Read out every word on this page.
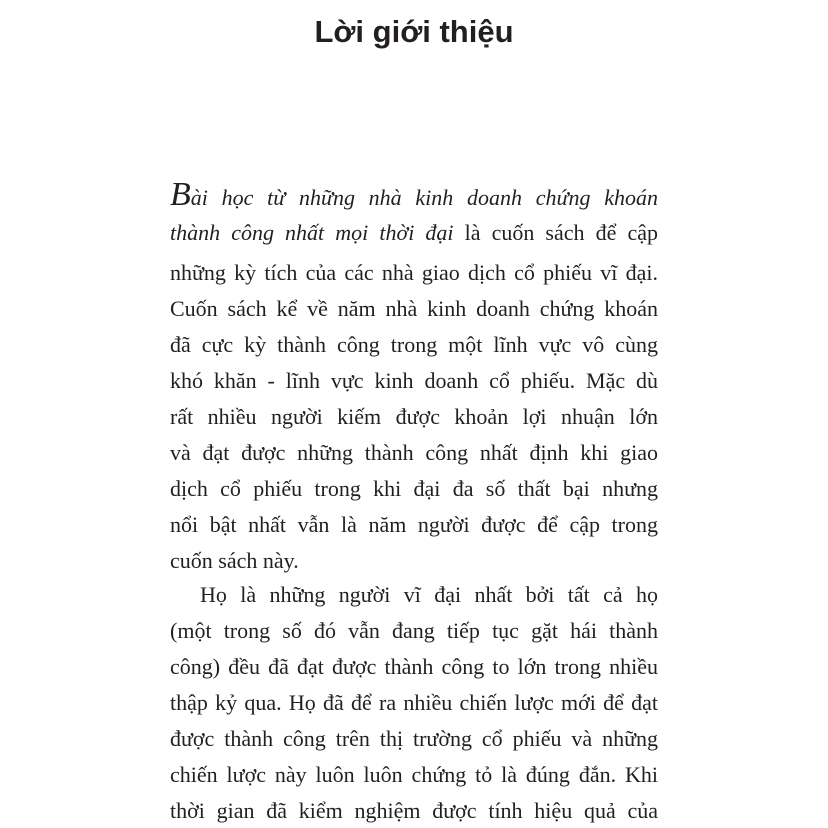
Lời giới thiệu
Bài học từ những nhà kinh doanh chứng khoán
thành công nhất mọi thời đại là cuốn sách để cập
những kỳ tích của các nhà giao dịch cổ phiếu vĩ đại.
Cuốn sách kể về năm nhà kinh doanh chứng khoán
đã cực kỳ thành công trong một lĩnh vực vô cùng
khó khăn - lĩnh vực kinh doanh cổ phiếu. Mặc dù
rất nhiều người kiếm được khoản lợi nhuận lớn
và đạt được những thành công nhất định khi giao
dịch cổ phiếu trong khi đại đa số thất bại nhưng
nổi bật nhất vẫn là năm người được để cập trong
cuốn sách này.
Họ là những người vĩ đại nhất bởi tất cả họ
(một trong số đó vẫn đang tiếp tục gặt hái thành
công) đều đã đạt được thành công to lớn trong nhiều
thập kỷ qua. Họ đã để ra nhiều chiến lược mới để đạt
được thành công trên thị trường cổ phiếu và những
chiến lược này luôn luôn chứng tỏ là đúng đắn. Khi
thời gian đã kiểm nghiệm được tính hiệu quả của
